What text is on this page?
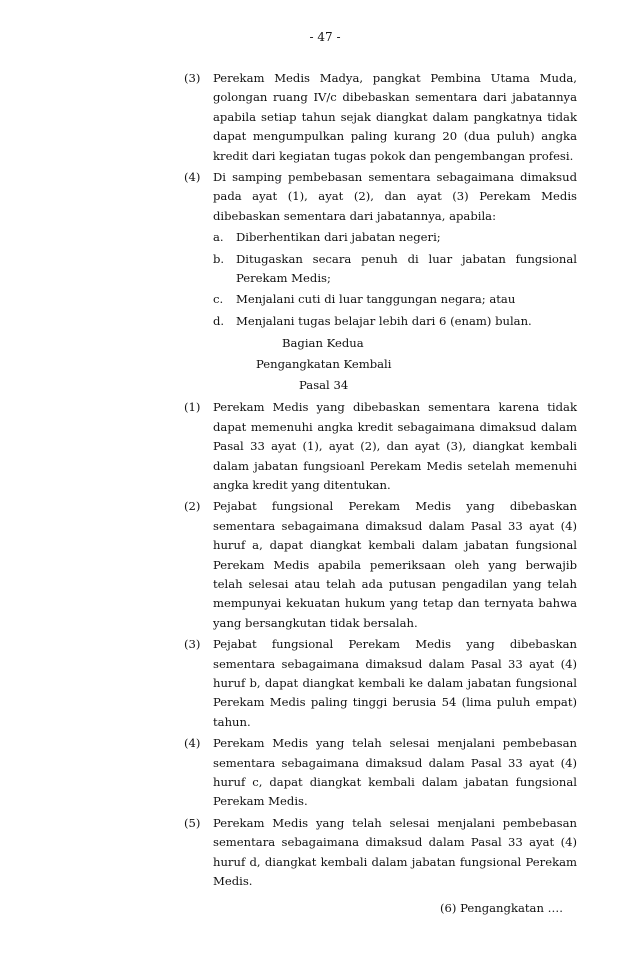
- 47 -
(3)	Perekam Medis Madya, pangkat Pembina Utama Muda, golongan ruang IV/c dibebaskan sementara dari jabatannya apabila setiap tahun sejak diangkat dalam pangkatnya tidak dapat mengumpulkan paling kurang 20 (dua puluh) angka kredit dari kegiatan tugas pokok dan pengembangan profesi.
(4)	Di samping pembebasan sementara sebagaimana dimaksud pada ayat (1), ayat (2), dan ayat (3) Perekam Medis dibebaskan sementara dari jabatannya, apabila:
a.	Diberhentikan dari jabatan negeri;
b.	Ditugaskan secara penuh di luar jabatan fungsional Perekam Medis;
c.	Menjalani cuti di luar tanggungan negara; atau
d.	Menjalani tugas belajar lebih dari 6 (enam) bulan.
Bagian Kedua
Pengangkatan Kembali
Pasal 34
(1)	Perekam Medis yang dibebaskan sementara karena tidak dapat memenuhi angka kredit sebagaimana dimaksud dalam Pasal 33 ayat (1), ayat (2), dan ayat (3), diangkat kembali dalam jabatan fungsioanl Perekam Medis setelah memenuhi angka kredit yang ditentukan.
(2)	Pejabat fungsional Perekam Medis yang dibebaskan sementara sebagaimana dimaksud dalam Pasal 33 ayat (4) huruf a, dapat diangkat kembali dalam jabatan fungsional Perekam Medis apabila pemeriksaan oleh yang berwajib telah selesai atau telah ada putusan pengadilan yang telah mempunyai kekuatan hukum yang tetap dan ternyata bahwa yang bersangkutan tidak bersalah.
(3)	Pejabat fungsional Perekam Medis yang dibebaskan sementara sebagaimana dimaksud dalam Pasal 33 ayat (4) huruf b, dapat diangkat kembali ke dalam jabatan fungsional Perekam Medis paling tinggi berusia 54 (lima puluh empat) tahun.
(4)	Perekam Medis yang telah selesai menjalani pembebasan sementara sebagaimana dimaksud dalam Pasal 33 ayat (4) huruf c, dapat diangkat kembali dalam jabatan fungsional Perekam Medis.
(5)	Perekam Medis yang telah selesai menjalani pembebasan sementara sebagaimana dimaksud dalam Pasal 33 ayat (4) huruf d, diangkat kembali dalam jabatan fungsional Perekam Medis.
(6) Pengangkatan ….
